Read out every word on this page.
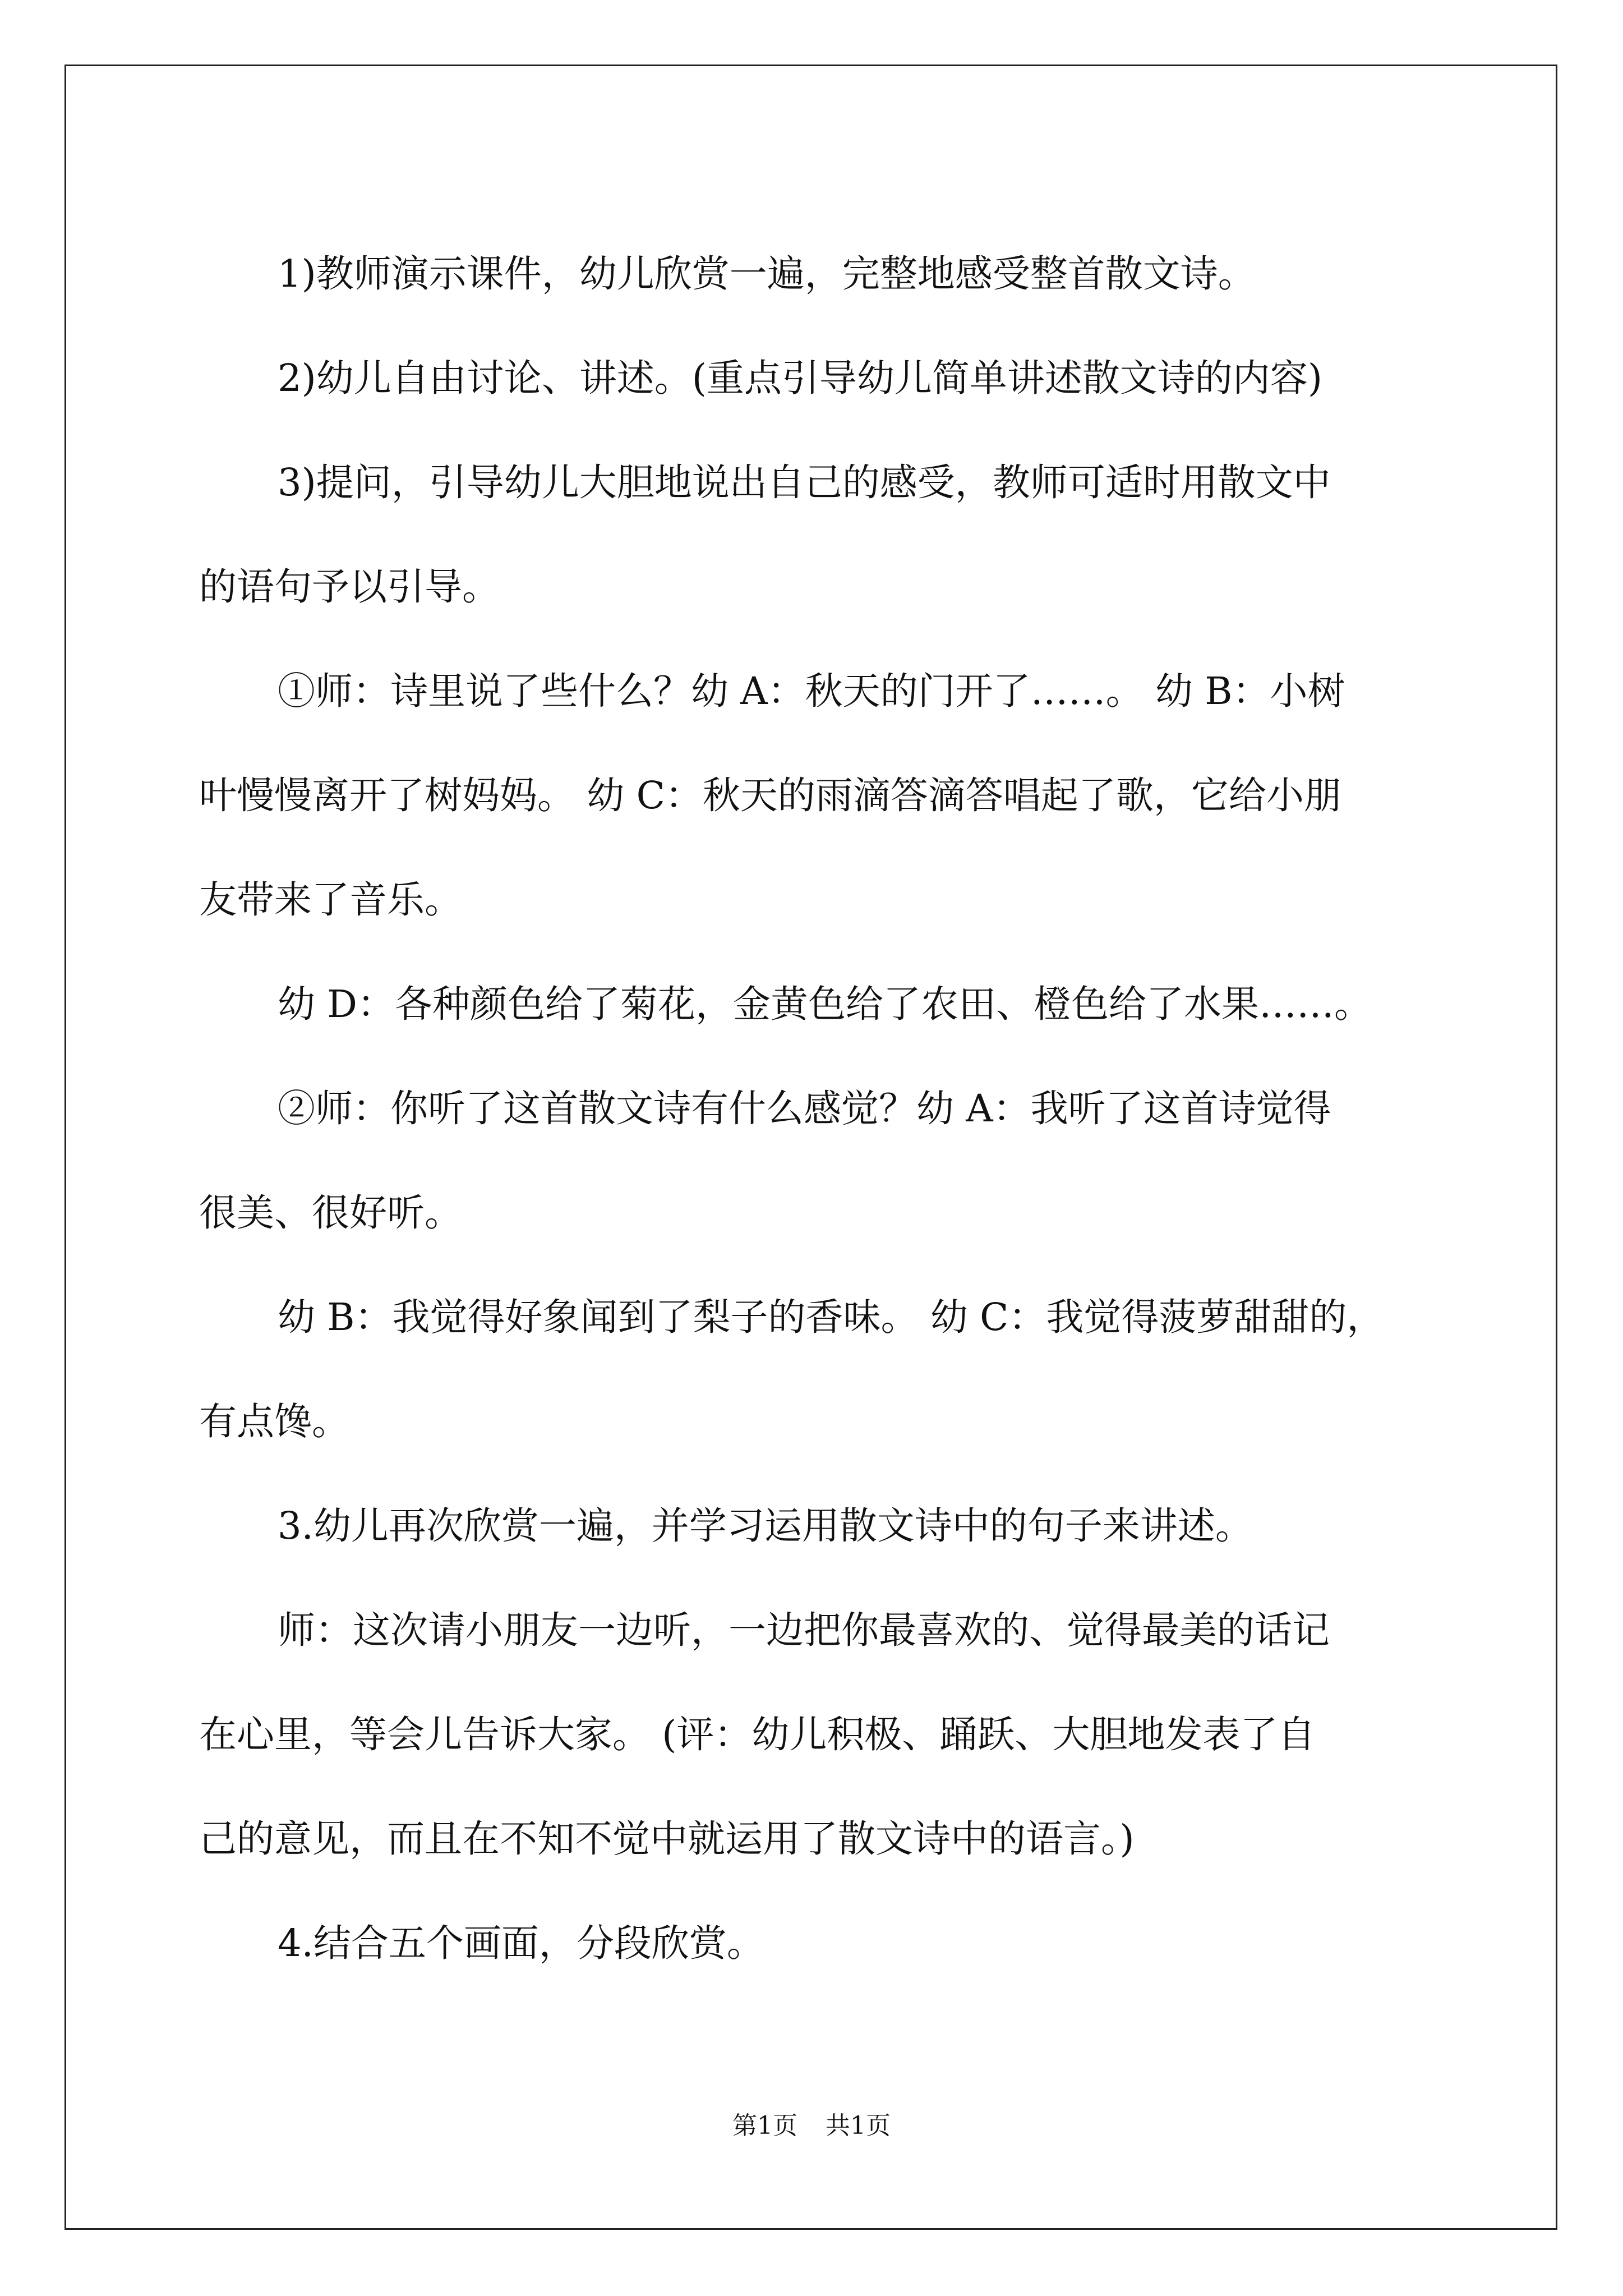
1)教师演示课件，幼儿欣赏一遍，完整地感受整首散文诗。

2)幼儿自由讨论、讲述。(重点引导幼儿简单讲述散文诗的内容)

3)提问，引导幼儿大胆地说出自己的感受，教师可适时用散文中
的语句予以引导。

①师：诗里说了些什么？幼 A：秋天的门开了……。 幼 B：小树
叶慢慢离开了树妈妈。 幼 C：秋天的雨滴答滴答唱起了歌，它给小朋
友带来了音乐。

幼 D：各种颜色给了菊花，金黄色给了农田、橙色给了水果……。

②师：你听了这首散文诗有什么感觉？幼 A：我听了这首诗觉得
很美、很好听。

幼 B：我觉得好象闻到了梨子的香味。 幼 C：我觉得菠萝甜甜的，
有点馋。

3.幼儿再次欣赏一遍，并学习运用散文诗中的句子来讲述。

师：这次请小朋友一边听，一边把你最喜欢的、觉得最美的话记
在心里，等会儿告诉大家。 (评：幼儿积极、踊跃、大胆地发表了自
己的意见，而且在不知不觉中就运用了散文诗中的语言。)

4.结合五个画面，分段欣赏。

第1页 共1页
